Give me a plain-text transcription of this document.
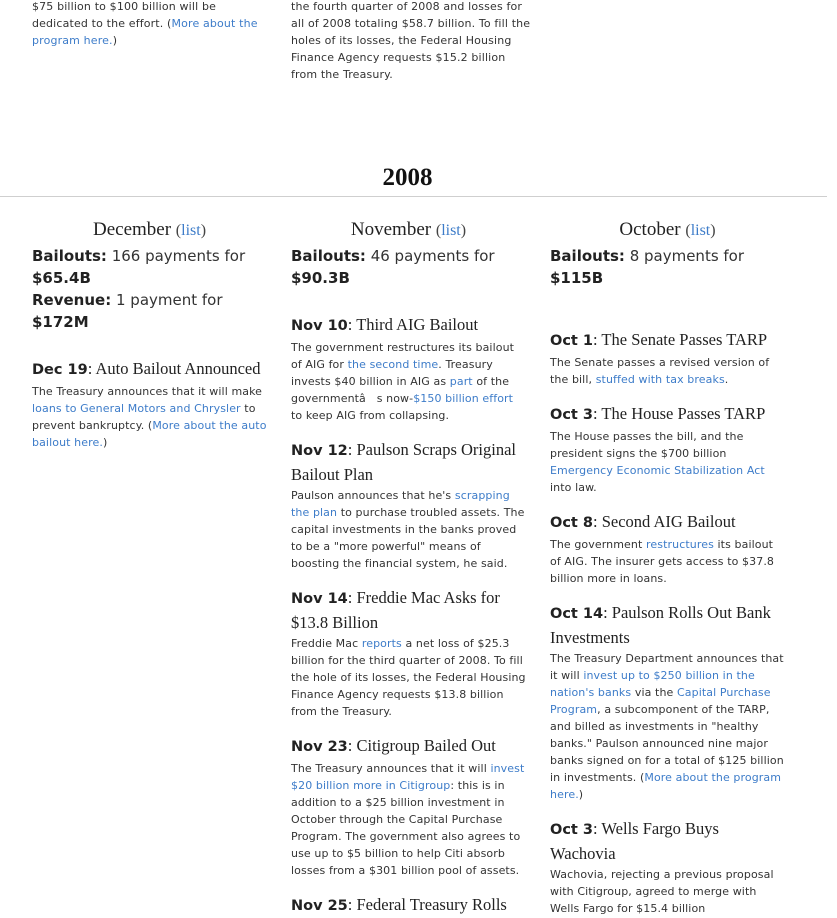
$75 billion to $100 billion will be dedicated to the effort. (More about the program here.)
the fourth quarter of 2008 and losses for all of 2008 totaling $58.7 billion. To fill the holes of its losses, the Federal Housing Finance Agency requests $15.2 billion from the Treasury.
2008
December (list)
Bailouts: 166 payments for $65.4B
Revenue: 1 payment for $172M
Dec 19: Auto Bailout Announced
The Treasury announces that it will make loans to General Motors and Chrysler to prevent bankruptcy. (More about the auto bailout here.)
November (list)
Bailouts: 46 payments for
$90.3B
Nov 10: Third AIG Bailout
The government restructures its bailout of AIG for the second time. Treasury invests $40 billion in AIG as part of the governmentâ   s now-$150 billion effort to keep AIG from collapsing.
Nov 12: Paulson Scraps Original Bailout Plan
Paulson announces that he's scrapping the plan to purchase troubled assets. The capital investments in the banks proved to be a "more powerful" means of boosting the financial system, he said.
Nov 14: Freddie Mac Asks for $13.8 Billion
Freddie Mac reports a net loss of $25.3 billion for the third quarter of 2008. To fill the hole of its losses, the Federal Housing Finance Agency requests $13.8 billion from the Treasury.
Nov 23: Citigroup Bailed Out
The Treasury announces that it will invest $20 billion more in Citigroup: this is in addition to a $25 billion investment in October through the Capital Purchase Program. The government also agrees to use up to $5 billion to help Citi absorb losses from a $301 billion pool of assets.
Nov 25: Federal Treasury Rolls
October (list)
Bailouts: 8 payments for $115B
Oct 1: The Senate Passes TARP
The Senate passes a revised version of the bill, stuffed with tax breaks.
Oct 3: The House Passes TARP
The House passes the bill, and the president signs the $700 billion Emergency Economic Stabilization Act into law.
Oct 8: Second AIG Bailout
The government restructures its bailout of AIG. The insurer gets access to $37.8 billion more in loans.
Oct 14: Paulson Rolls Out Bank Investments
The Treasury Department announces that it will invest up to $250 billion in the nation's banks via the Capital Purchase Program, a subcomponent of the TARP, and billed as investments in "healthy banks." Paulson announced nine major banks signed on for a total of $125 billion in investments. (More about the program here.)
Oct 3: Wells Fargo Buys Wachovia
Wachovia, rejecting a previous proposal with Citigroup, agreed to merge with Wells Fargo for $15.4 billion
